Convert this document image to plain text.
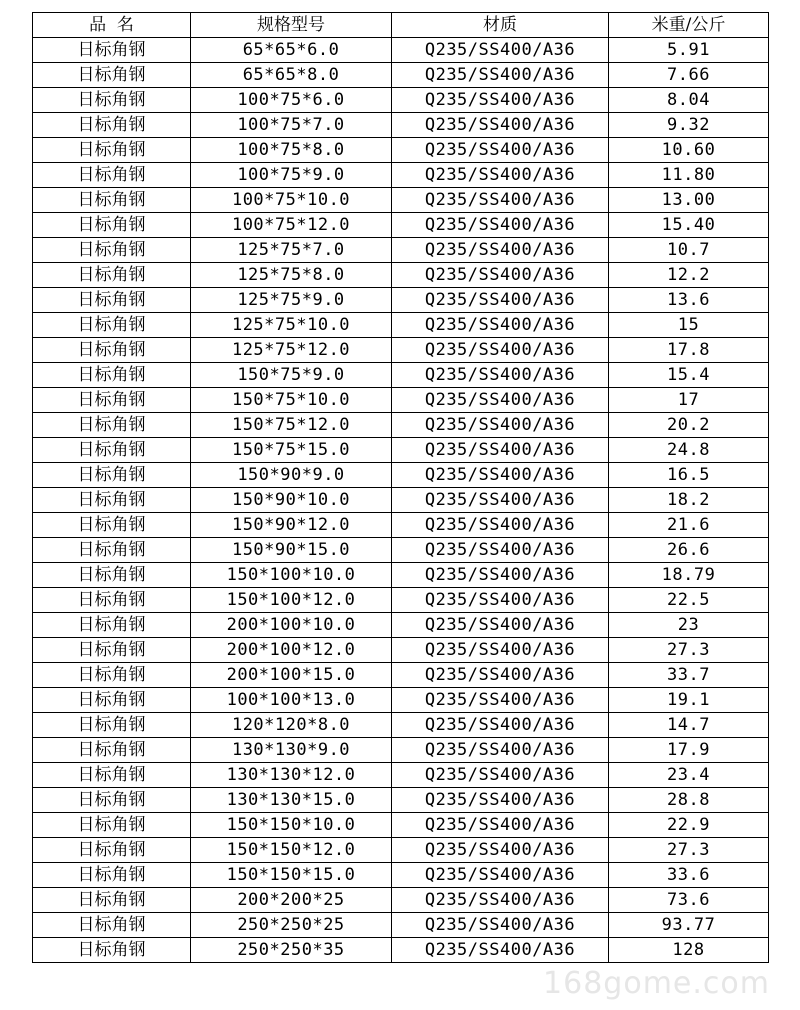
品  名	规格型号	材质	米重/公斤
日标角钢	65*65*6.0	Q235/SS400/A36	5.91
日标角钢	65*65*8.0	Q235/SS400/A36	7.66
日标角钢	100*75*6.0	Q235/SS400/A36	8.04
日标角钢	100*75*7.0	Q235/SS400/A36	9.32
日标角钢	100*75*8.0	Q235/SS400/A36	10.60
日标角钢	100*75*9.0	Q235/SS400/A36	11.80
日标角钢	100*75*10.0	Q235/SS400/A36	13.00
日标角钢	100*75*12.0	Q235/SS400/A36	15.40
日标角钢	125*75*7.0	Q235/SS400/A36	10.7
日标角钢	125*75*8.0	Q235/SS400/A36	12.2
日标角钢	125*75*9.0	Q235/SS400/A36	13.6
日标角钢	125*75*10.0	Q235/SS400/A36	15
日标角钢	125*75*12.0	Q235/SS400/A36	17.8
日标角钢	150*75*9.0	Q235/SS400/A36	15.4
日标角钢	150*75*10.0	Q235/SS400/A36	17
日标角钢	150*75*12.0	Q235/SS400/A36	20.2
日标角钢	150*75*15.0	Q235/SS400/A36	24.8
日标角钢	150*90*9.0	Q235/SS400/A36	16.5
日标角钢	150*90*10.0	Q235/SS400/A36	18.2
日标角钢	150*90*12.0	Q235/SS400/A36	21.6
日标角钢	150*90*15.0	Q235/SS400/A36	26.6
日标角钢	150*100*10.0	Q235/SS400/A36	18.79
日标角钢	150*100*12.0	Q235/SS400/A36	22.5
日标角钢	200*100*10.0	Q235/SS400/A36	23
日标角钢	200*100*12.0	Q235/SS400/A36	27.3
日标角钢	200*100*15.0	Q235/SS400/A36	33.7
日标角钢	100*100*13.0	Q235/SS400/A36	19.1
日标角钢	120*120*8.0	Q235/SS400/A36	14.7
日标角钢	130*130*9.0	Q235/SS400/A36	17.9
日标角钢	130*130*12.0	Q235/SS400/A36	23.4
日标角钢	130*130*15.0	Q235/SS400/A36	28.8
日标角钢	150*150*10.0	Q235/SS400/A36	22.9
日标角钢	150*150*12.0	Q235/SS400/A36	27.3
日标角钢	150*150*15.0	Q235/SS400/A36	33.6
日标角钢	200*200*25	Q235/SS400/A36	73.6
日标角钢	250*250*25	Q235/SS400/A36	93.77
日标角钢	250*250*35	Q235/SS400/A36	128
168gome.com
